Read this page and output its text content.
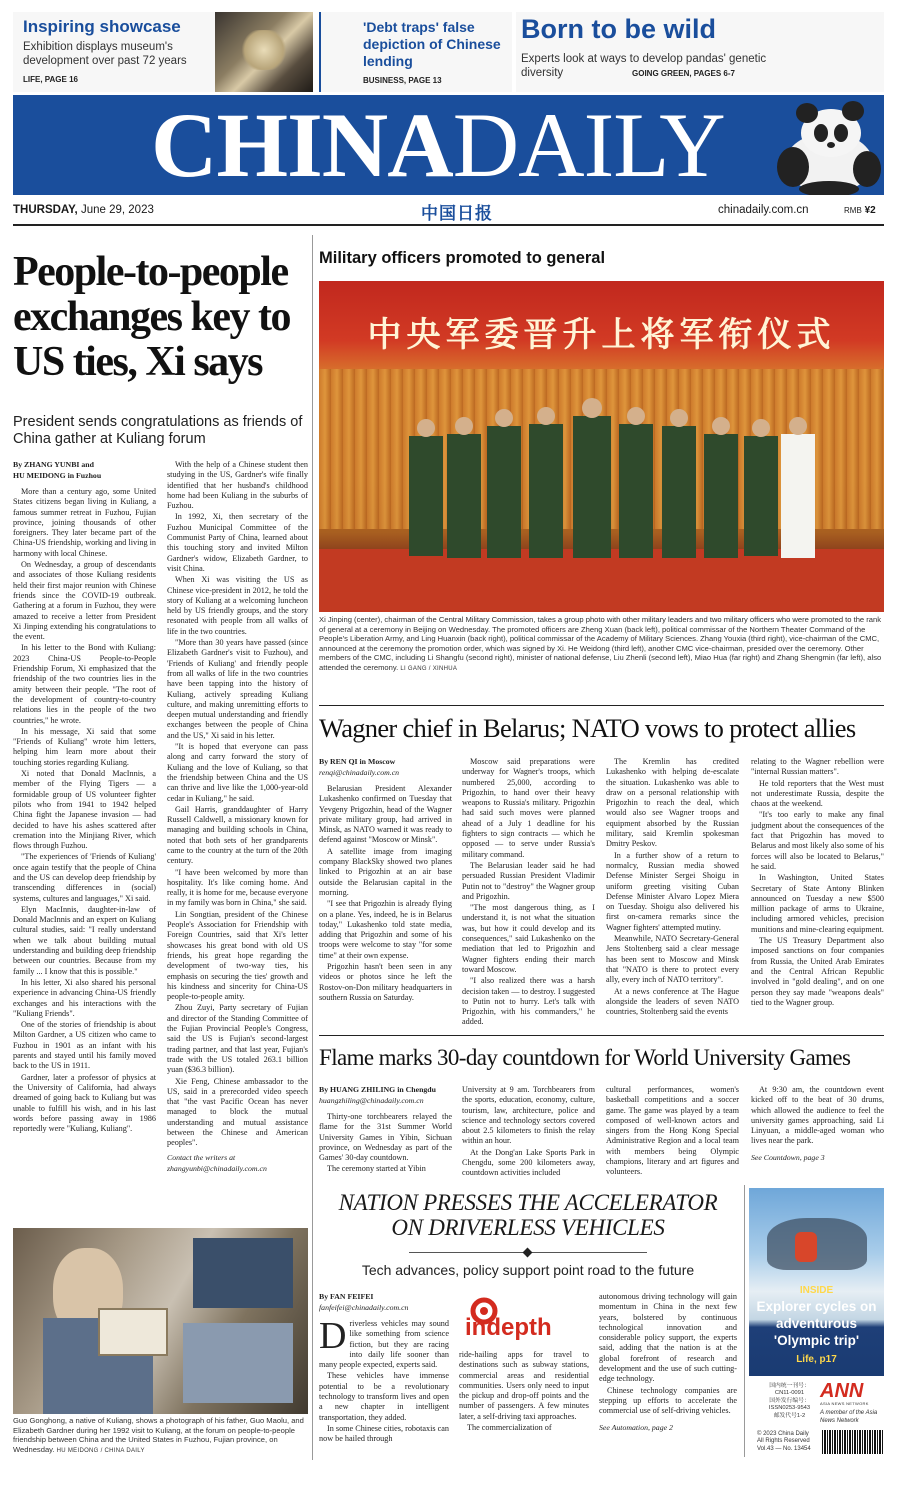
Inspiring showcase
Exhibition displays museum's development over past 72 years
LIFE, PAGE 16
'Debt traps' false depiction of Chinese lending
BUSINESS, PAGE 13
Born to be wild
Experts look at ways to develop pandas' genetic diversity	GOING GREEN, PAGES 6-7
CHINADAILY
THURSDAY, June 29, 2023	中国日报	chinadaily.com.cn	RMB ¥2
People-to-people exchanges key to US ties, Xi says
President sends congratulations as friends of China gather at Kuliang forum

By ZHANG YUNBI and

HU MEIDONG in Fuzhou

More than a century ago, some United States citizens began living in Kuliang, a famous summer retreat in Fuzhou, Fujian province, joining thousands of other foreigners. They later became part of the China-US friendship, working and living in harmony with local Chinese.

On Wednesday, a group of descendants and associates of those Kuliang residents held their first major reunion with Chinese friends since the COVID-19 outbreak. Gathering at a forum in Fuzhou, they were amazed to receive a letter from President Xi Jinping extending his congratulations to the event.

In his letter to the Bond with Kuliang: 2023 China-US People-to-People Friendship Forum, Xi emphasized that the friendship of the two countries lies in the amity between their people. "The root of the development of country-to-country relations lies in the people of the two countries," he wrote.

In his message, Xi said that some "Friends of Kuliang" wrote him letters, helping him learn more about their touching stories regarding Kuliang.

Xi noted that Donald MacInnis, a member of the Flying Tigers — a formidable group of US volunteer fighter pilots who from 1941 to 1942 helped China fight the Japanese invasion — had decided to have his ashes scattered after cremation into the Minjiang River, which flows through Fuzhou.

"The experiences of 'Friends of Kuliang' once again testify that the people of China and the US can develop deep friendship by transcending differences in (social) systems, cultures and languages," Xi said.

Elyn MacInnis, daughter-in-law of Donald MacInnis and an expert on Kuliang cultural studies, said: "I really understand when we talk about building mutual understanding and building deep friendship between our countries. Because from my family ... I know that this is possible."

In his letter, Xi also shared his personal experience in advancing China-US friendly exchanges and his interactions with the "Kuliang Friends".

One of the stories of friendship is about Milton Gardner, a US citizen who came to Fuzhou in 1901 as an infant with his parents and stayed until his family moved back to the US in 1911.

Gardner, later a professor of physics at the University of California, had always dreamed of going back to Kuliang but was unable to fulfill his wish, and in his last words before passing away in 1986 reportedly were "Kuliang, Kuliang".

With the help of a Chinese student then studying in the US, Gardner's wife finally identified that her husband's childhood home had been Kuliang in the suburbs of Fuzhou.

In 1992, Xi, then secretary of the Fuzhou Municipal Committee of the Communist Party of China, learned about this touching story and invited Milton Gardner's widow, Elizabeth Gardner, to visit China.

When Xi was visiting the US as Chinese vice-president in 2012, he told the story of Kuliang at a welcoming luncheon held by US friendly groups, and the story resonated with people from all walks of life in the two countries.

"More than 30 years have passed (since Elizabeth Gardner's visit to Fuzhou), and 'Friends of Kuliang' and friendly people from all walks of life in the two countries have been tapping into the history of Kuliang, actively spreading Kuliang culture, and making unremitting efforts to deepen mutual understanding and friendly exchanges between the people of China and the US," Xi said in his letter.

"It is hoped that everyone can pass along and carry forward the story of Kuliang and the love of Kuliang, so that the friendship between China and the US can thrive and live like the 1,000-year-old cedar in Kuliang," he said.

Gail Harris, granddaughter of Harry Russell Caldwell, a missionary known for managing and building schools in China, noted that both sets of her grandparents came to the country at the turn of the 20th century.

"I have been welcomed by more than hospitality. It's like coming home. And really, it is home for me, because everyone in my family was born in China," she said.

Lin Songtian, president of the Chinese People's Association for Friendship with Foreign Countries, said that Xi's letter showcases his great bond with old US friends, his great hope regarding the development of two-way ties, his emphasis on securing the ties' growth and his kindness and sincerity for China-US people-to-people amity.

Zhou Zuyi, Party secretary of Fujian and director of the Standing Committee of the Fujian Provincial People's Congress, said the US is Fujian's second-largest trading partner, and that last year, Fujian's trade with the US totaled 263.1 billion yuan ($36.3 billion).

Xie Feng, Chinese ambassador to the US, said in a prerecorded video speech that "the vast Pacific Ocean has never managed to block the mutual understanding and mutual assistance between the Chinese and American peoples".

Contact the writers at

zhangyunbi@chinadaily.com.cn

Guo Gonghong, a native of Kuliang, shows a photograph of his father, Guo Maolu, and Elizabeth Gardner during her 1992 visit to Kuliang, at the forum on people-to-people friendship between China and the United States in Fuzhou, Fujian province, on Wednesday. HU MEIDONG / CHINA DAILY
Military officers promoted to general
中央军委晋升上将军衔仪式
Xi Jinping (center), chairman of the Central Military Commission, takes a group photo with other military leaders and two military officers who were promoted to the rank of general at a ceremony in Beijing on Wednesday. The promoted officers are Zheng Xuan (back left), political commissar of the Northern Theater Command of the People's Liberation Army, and Ling Huanxin (back right), political commissar of the Academy of Military Sciences. Zhang Youxia (third right), vice-chairman of the CMC, announced at the ceremony the promotion order, which was signed by Xi. He Weidong (third left), another CMC vice-chairman, presided over the ceremony. Other members of the CMC, including Li Shangfu (second right), minister of national defense, Liu Zhenli (second left), Miao Hua (far right) and Zhang Shengmin (far left), also attended the ceremony. LI GANG / XINHUA
Wagner chief in Belarus; NATO vows to protect allies

By REN QI in Moscow

renqi@chinadaily.com.cn

Belarusian President Alexander Lukashenko confirmed on Tuesday that Yevgeny Prigozhin, head of the Wagner private military group, had arrived in Minsk, as NATO warned it was ready to defend against "Moscow or Minsk".

A satellite image from imaging company BlackSky showed two planes linked to Prigozhin at an air base outside the Belarusian capital in the morning.

"I see that Prigozhin is already flying on a plane. Yes, indeed, he is in Belarus today," Lukashenko told state media, adding that Prigozhin and some of his troops were welcome to stay "for some time" at their own expense.

Prigozhin hasn't been seen in any videos or photos since he left the Rostov-on-Don military headquarters in southern Russia on Saturday.

Moscow said preparations were underway for Wagner's troops, which numbered 25,000, according to Prigozhin, to hand over their heavy weapons to Russia's military. Prigozhin had said such moves were planned ahead of a July 1 deadline for his fighters to sign contracts — which he opposed — to serve under Russia's military command.

The Belarusian leader said he had persuaded Russian President Vladimir Putin not to "destroy" the Wagner group and Prigozhin.

"The most dangerous thing, as I understand it, is not what the situation was, but how it could develop and its consequences," said Lukashenko on the mediation that led to Prigozhin and Wagner fighters ending their march toward Moscow.

"I also realized there was a harsh decision taken — to destroy. I suggested to Putin not to hurry. Let's talk with Prigozhin, with his commanders," he added.

The Kremlin has credited Lukashenko with helping de-escalate the situation. Lukashenko was able to draw on a personal relationship with Prigozhin to reach the deal, which would also see Wagner troops and equipment absorbed by the Russian military, said Kremlin spokesman Dmitry Peskov.

In a further show of a return to normalcy, Russian media showed Defense Minister Sergei Shoigu in uniform greeting visiting Cuban Defense Minister Alvaro Lopez Miera on Tuesday. Shoigu also delivered his first on-camera remarks since the Wagner fighters' attempted mutiny.

Meanwhile, NATO Secretary-General Jens Stoltenberg said a clear message has been sent to Moscow and Minsk that "NATO is there to protect every ally, every inch of NATO territory".

At a news conference at The Hague alongside the leaders of seven NATO countries, Stoltenberg said the events

relating to the Wagner rebellion were "internal Russian matters".

He told reporters that the West must not underestimate Russia, despite the chaos at the weekend.

"It's too early to make any final judgment about the consequences of the fact that Prigozhin has moved to Belarus and most likely also some of his forces will also be located to Belarus," he said.

In Washington, United States Secretary of State Antony Blinken announced on Tuesday a new $500 million package of arms to Ukraine, including armored vehicles, precision munitions and mine-clearing equipment.

The US Treasury Department also imposed sanctions on four companies from Russia, the United Arab Emirates and the Central African Republic involved in "gold dealing", and on one person they say made "weapons deals" tied to the Wagner group.

Flame marks 30-day countdown for World University Games

By HUANG ZHILING in Chengdu

huangzhiling@chinadaily.com.cn

Thirty-one torchbearers relayed the flame for the 31st Summer World University Games in Yibin, Sichuan province, on Wednesday as part of the Games' 30-day countdown.

The ceremony started at Yibin

University at 9 am. Torchbearers from the sports, education, economy, culture, tourism, law, architecture, police and science and technology sectors covered about 2.5 kilometers to finish the relay within an hour.

At the Dong'an Lake Sports Park in Chengdu, some 200 kilometers away, countdown activities included

cultural performances, women's basketball competitions and a soccer game. The game was played by a team composed of well-known actors and singers from the Hong Kong Special Administrative Region and a local team with members being Olympic champions, literary and art figures and volunteers.

At 9:30 am, the countdown event kicked off to the beat of 30 drums, which allowed the audience to feel the university games approaching, said Li Linyuan, a middle-aged woman who lives near the park.

See Countdown, page 3

NATION PRESSES THE ACCELERATOR
ON DRIVERLESS VEHICLES
Tech advances, policy support point road to the future

By FAN FEIFEI

fanfeifei@chinadaily.com.cn

Driverless vehicles may sound like something from science fiction, but they are racing into daily life sooner than many people expected, experts said.

These vehicles have immense potential to be a revolutionary technology to transform lives and open a new chapter in intelligent transportation, they added.

In some Chinese cities, robotaxis can now be hailed through

indepth

ride-hailing apps for travel to destinations such as subway stations, commercial areas and residential communities. Users only need to input the pickup and drop-off points and the number of passengers. A few minutes later, a self-driving taxi approaches.

The commercialization of

autonomous driving technology will gain momentum in China in the next few years, bolstered by continuous technological innovation and considerable policy support, the experts said, adding that the nation is at the global forefront of research and development and the use of such cutting-edge technology.

Chinese technology companies are stepping up efforts to accelerate the commercial use of self-driving vehicles.

See Automation, page 2

INSIDE
Explorer cycles on adventurous 'Olympic trip'
Life, p17
国内统一刊号：
CN11-0091
国外发行编号：
ISSN0253-9543
邮发代号1-2
ANN
ASIA NEWS NETWORK
A member of the Asia News Network
© 2023 China Daily
All Rights Reserved
Vol.43 — No. 13454
